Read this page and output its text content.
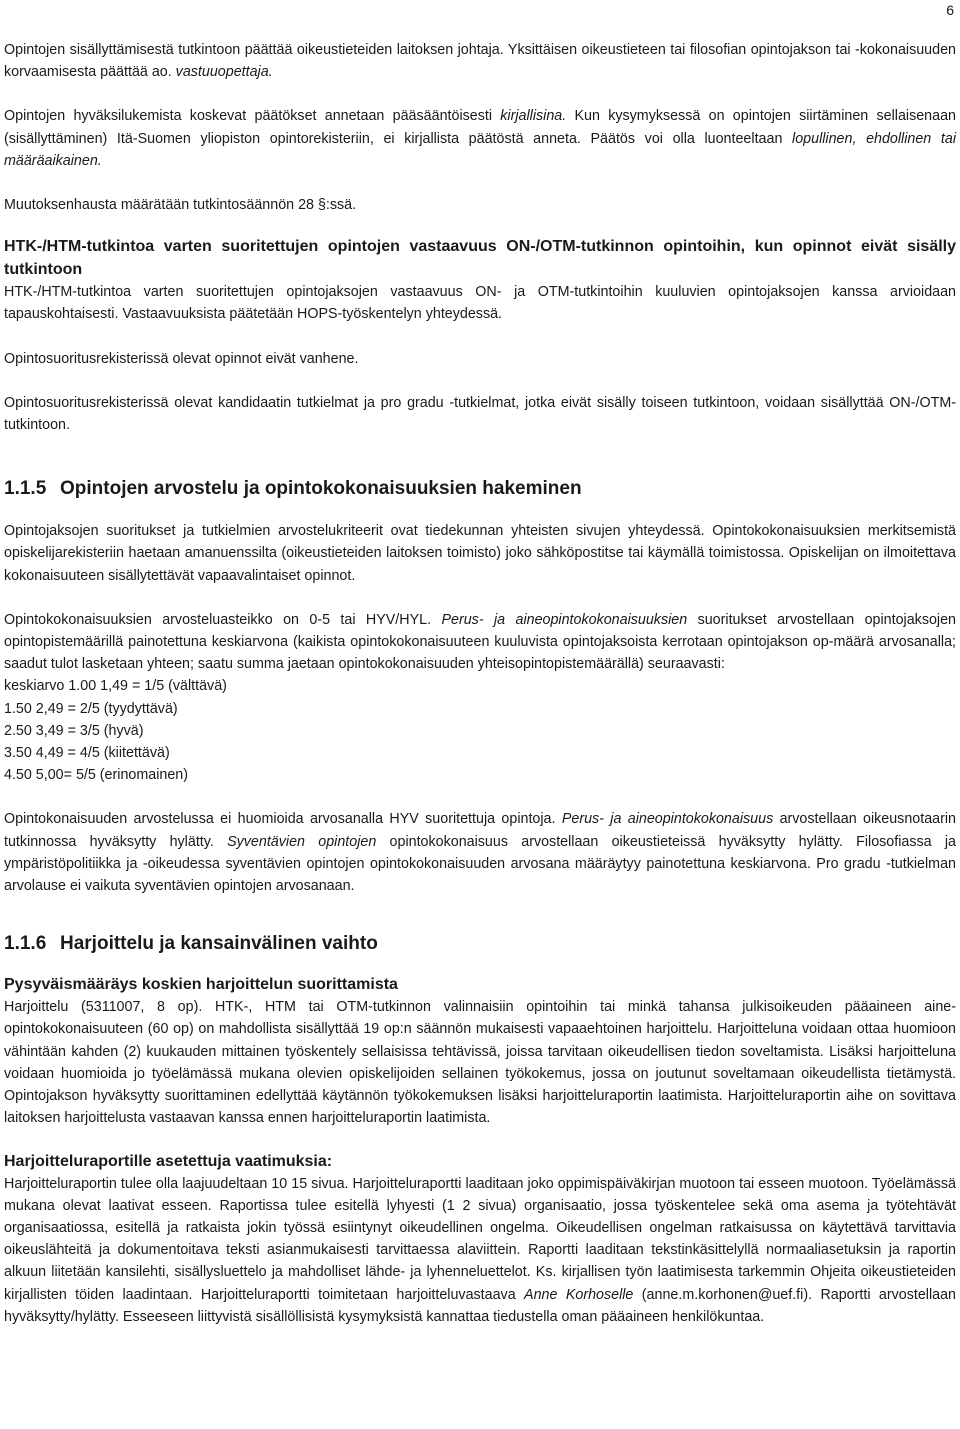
6

Opintojen sisällyttämisestä tutkintoon päättää oikeustieteiden laitoksen johtaja. Yksittäisen oikeustieteen tai filosofian opintojakson tai -kokonaisuuden korvaamisesta päättää ao. vastuuopettaja.

Opintojen hyväksilukemista koskevat päätökset annetaan pääsääntöisesti kirjallisina. Kun kysymyksessä on opintojen siirtäminen sellaisenaan (sisällyttäminen) Itä-Suomen yliopiston opintorekisteriin, ei kirjallista päätöstä anneta. Päätös voi olla luonteeltaan lopullinen, ehdollinen tai määräaikainen.

Muutoksenhausta määrätään tutkintosäännön 28 §:ssä.

HTK-/HTM-tutkintoa varten suoritettujen opintojen vastaavuus ON-/OTM-tutkinnon opintoihin, kun opinnot eivät sisälly tutkintoon

HTK-/HTM-tutkintoa varten suoritettujen opintojaksojen vastaavuus ON- ja OTM-tutkintoihin kuuluvien opintojaksojen kanssa arvioidaan tapauskohtaisesti. Vastaavuuksista päätetään HOPS-työskentelyn yhteydessä.

Opintosuoritusrekisterissä olevat opinnot eivät vanhene.

Opintosuoritusrekisterissä olevat kandidaatin tutkielmat ja pro gradu -tutkielmat, jotka eivät sisälly toiseen tutkintoon, voidaan sisällyttää ON-/OTM-tutkintoon.

1.1.5 Opintojen arvostelu ja opintokokonaisuuksien hakeminen

Opintojaksojen suoritukset ja tutkielmien arvostelukriteerit ovat tiedekunnan yhteisten sivujen yhteydessä. Opintokokonaisuuksien merkitsemistä opiskelijarekisteriin haetaan amanuenssilta (oikeustieteiden laitoksen toimisto) joko sähköpostitse tai käymällä toimistossa. Opiskelijan on ilmoitettava kokonaisuuteen sisällytettävät vapaavalintaiset opinnot.

Opintokokonaisuuksien arvosteluasteikko on 0-5 tai HYV/HYL. Perus- ja aineopintokokonaisuuksien suoritukset arvostellaan opintojaksojen opintopistemäärillä painotettuna keskiarvona (kaikista opintokokonaisuuteen kuuluvista opintojaksoista kerrotaan opintojakson op-määrä arvosanalla; saadut tulot lasketaan yhteen; saatu summa jaetaan opintokokonaisuuden yhteisopintopistemäärällä) seuraavasti:

keskiarvo 1.00 1,49 = 1/5 (välttävä)
1.50 2,49 = 2/5 (tyydyttävä)
2.50 3,49 = 3/5 (hyvä)
3.50 4,49 = 4/5 (kiitettävä)
4.50 5,00= 5/5 (erinomainen)

Opintokonaisuuden arvostelussa ei huomioida arvosanalla HYV suoritettuja opintoja. Perus- ja aineopintokokonaisuus arvostellaan oikeusnotaarin tutkinnossa hyväksytty hylätty. Syventävien opintojen opintokokonaisuus arvostellaan oikeustieteissä hyväksytty hylätty. Filosofiassa ja ympäristöpolitiikka ja -oikeudessa syventävien opintojen opintokokonaisuuden arvosana määräytyy painotettuna keskiarvona. Pro gradu -tutkielman arvolause ei vaikuta syventävien opintojen arvosanaan.

1.1.6 Harjoittelu ja kansainvälinen vaihto

Pysyväismääräys koskien harjoittelun suorittamista

Harjoittelu (5311007, 8 op). HTK-, HTM tai OTM-tutkinnon valinnaisiin opintoihin tai minkä tahansa julkisoikeuden pääaineen aineopintokokonaisuuteen (60 op) on mahdollista sisällyttää 19 op:n säännön mukaisesti vapaaehtoinen harjoittelu. Harjoitteluna voidaan ottaa huomioon vähintään kahden (2) kuukauden mittainen työskentely sellaisissa tehtävissä, joissa tarvitaan oikeudellisen tiedon soveltamista. Lisäksi harjoitteluna voidaan huomioida jo työelämässä mukana olevien opiskelijoiden sellainen työkokemus, jossa on joutunut soveltamaan oikeudellista tietämystä. Opintojakson hyväksytty suorittaminen edellyttää käytännön työkokemuksen lisäksi harjoitteluraportin laatimista. Harjoitteluraportin aihe on sovittava laitoksen harjoittelusta vastaavan kanssa ennen harjoitteluraportin laatimista.

Harjoitteluraportille asetettuja vaatimuksia:

Harjoitteluraportin tulee olla laajuudeltaan 10 15 sivua. Harjoitteluraportti laaditaan joko oppimispäiväkirjan muotoon tai esseen muotoon. Työelämässä mukana olevat laativat esseen. Raportissa tulee esitellä lyhyesti (1 2 sivua) organisaatio, jossa työskentelee sekä oma asema ja työtehtävät organisaatiossa, esitellä ja ratkaista jokin työssä esiintynyt oikeudellinen ongelma. Oikeudellisen ongelman ratkaisussa on käytettävä tarvittavia oikeuslähteitä ja dokumentoitava teksti asianmukaisesti tarvittaessa alaviittein. Raportti laaditaan tekstinkäsittelyllä normaaliasetuksin ja raportin alkuun liitetään kansilehti, sisällysluettelo ja mahdolliset lähde- ja lyhenneluettelot. Ks. kirjallisen työn laatimisesta tarkemmin Ohjeita oikeustieteiden kirjallisten töiden laadintaan. Harjoitteluraportti toimitetaan harjoitteluvastaava Anne Korhoselle (anne.m.korhonen@uef.fi). Raportti arvostellaan hyväksytty/hylätty. Esseeseen liittyvistä sisällöllisistä kysymyksistä kannattaa tiedustella oman pääaineen henkilökuntaa.
